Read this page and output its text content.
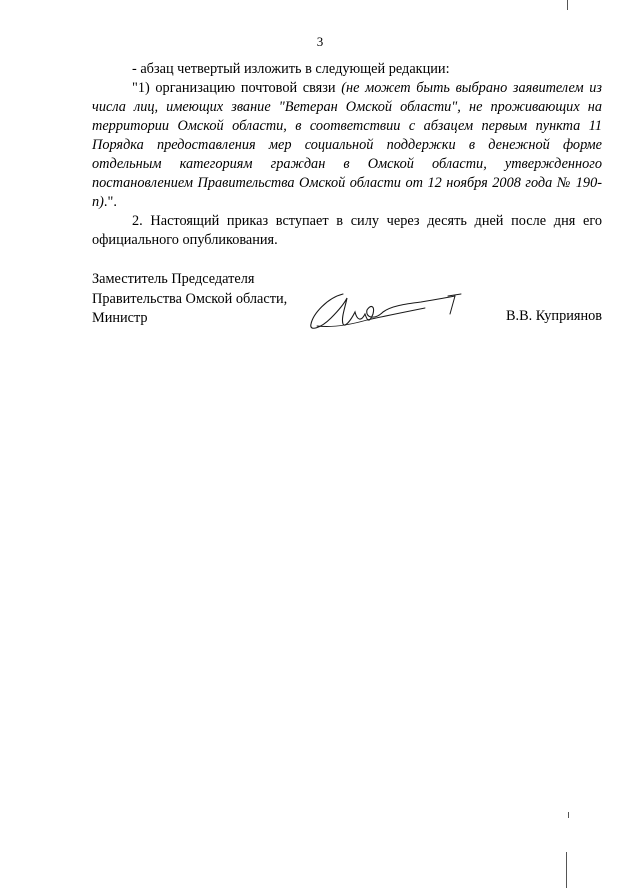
3

- абзац четвертый изложить в следующей редакции:

"1) организацию почтовой связи (не может быть выбрано заявителем из числа лиц, имеющих звание "Ветеран Омской области", не проживающих на территории Омской области, в соответствии с абзацем первым пункта 11 Порядка предоставления мер социальной поддержки в денежной форме отдельным категориям граждан в Омской области, утвержденного постановлением Правительства Омской области от 12 ноября 2008 года № 190-п).".

2. Настоящий приказ вступает в силу через десять дней после дня его официального опубликования.

Заместитель Председателя
Правительства Омской области,
Министр	В.В. Куприянов
